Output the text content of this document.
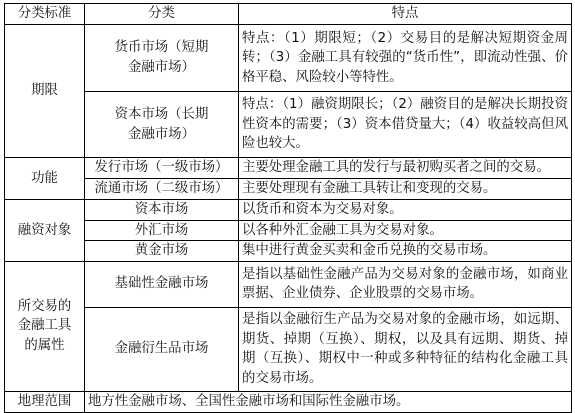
分类标准	分类	特点
期限	货币市场（短期金融市场）	特点：（1）期限短；（2）交易目的是解决短期资金周转；（3）金融工具有较强的“货币性”，即流动性强、价格平稳、风险较小等特性。
	资本市场（长期金融市场）	特点：（1）融资期限长；（2）融资目的是解决长期投资性资本的需要；（3）资本借贷量大；（4）收益较高但风险也较大。
功能	发行市场（一级市场）	主要处理金融工具的发行与最初购买者之间的交易。
	流通市场（二级市场）	主要处理现有金融工具转让和变现的交易。
融资对象	资本市场	以货币和资本为交易对象。
	外汇市场	以各种外汇金融工具为交易对象。
	黄金市场	集中进行黄金买卖和金币兑换的交易市场。
所交易的金融工具的属性	基础性金融市场	是指以基础性金融产品为交易对象的金融市场，如商业票据、企业债券、企业股票的交易市场。
	金融衍生品市场	是指以金融衍生产品为交易对象的金融市场，如远期、期货、掉期（互换）、期权，以及具有远期、期货、掉期（互换）、期权中一种或多种特征的结构化金融工具的交易市场。
地理范围	地方性金融市场、全国性金融市场和国际性金融市场。	
